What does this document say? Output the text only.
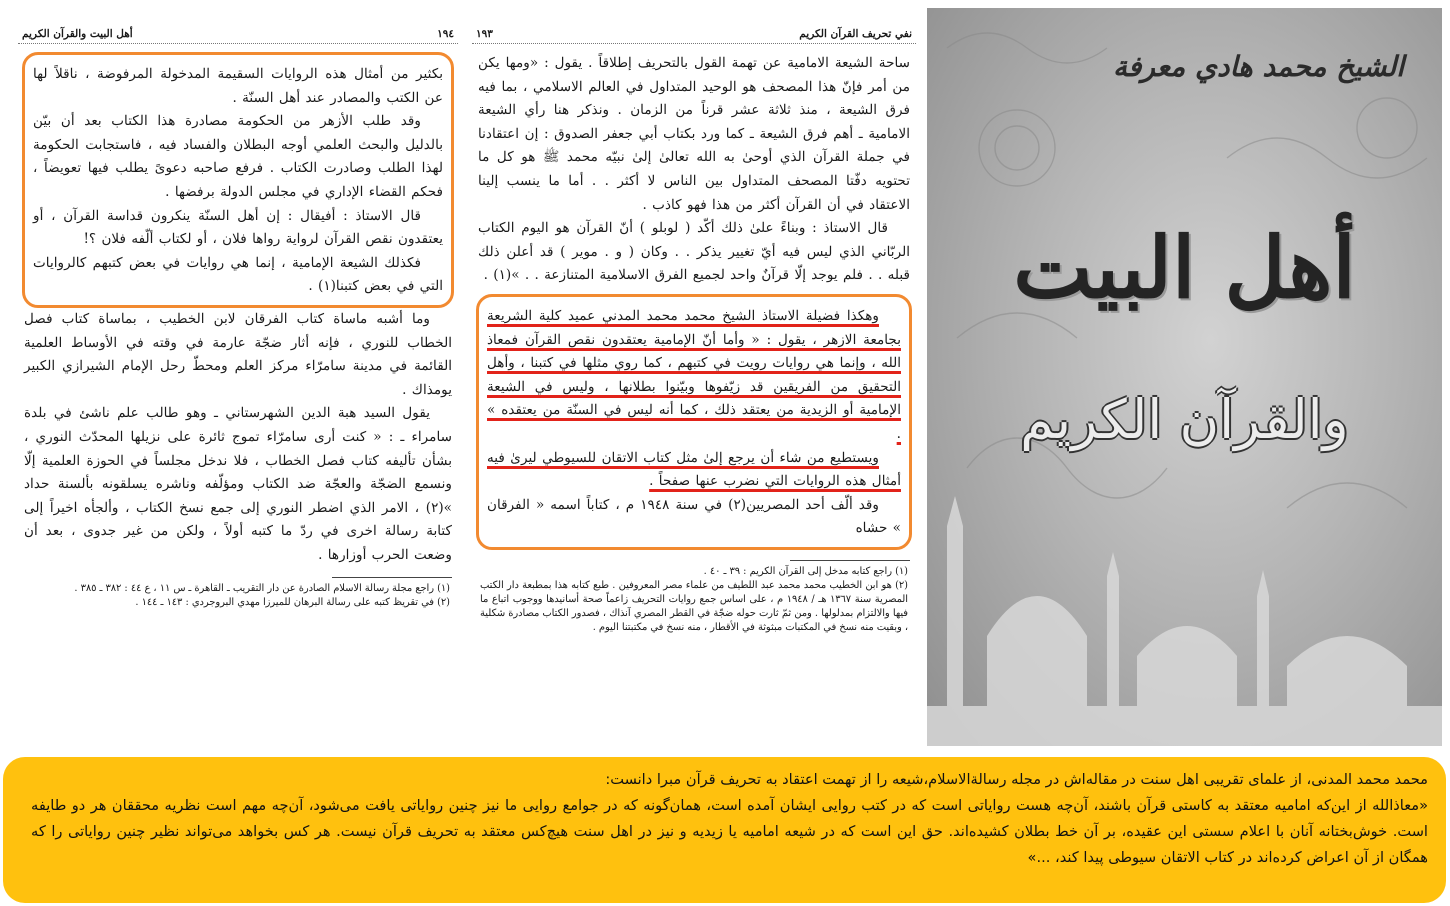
١٩٤
أهل البيت والقرآن الكريم

بكثير من أمثال هذه الروايات السقيمة المدخولة المرفوضة ، ناقلاً لها عن الكتب والمصادر عند أهل السنّة .

وقد طلب الأزهر من الحكومة مصادرة هذا الكتاب بعد أن بيّن بالدليل والبحث العلمي أوجه البطلان والفساد فيه ، فاستجابت الحكومة لهذا الطلب وصادرت الكتاب . فرفع صاحبه دعوىً يطلب فيها تعويضاً ، فحكم القضاء الإداري في مجلس الدولة برفضها .

قال الاستاذ : أفيقال : إن أهل السنّة ينكرون قداسة القرآن ، أو يعتقدون نقص القرآن لرواية رواها فلان ، أو لكتاب ألّفه فلان ؟!

فكذلك الشيعة الإمامية ، إنما هي روايات في بعض كتبهم كالروايات التي في بعض كتبنا(١) .

وما أشبه ماساة كتاب الفرقان لابن الخطيب ، بماساة كتاب فصل الخطاب للنوري ، فإنه أثار ضجّة عارمة في وقته في الأوساط العلمية القائمة في مدينة سامرّاء مركز العلم ومحطّ رحل الإمام الشيرازي الكبير يومذاك .

يقول السيد هبة الدين الشهرستاني ـ وهو طالب علم ناشئ في بلدة سامراء ـ : « كنت أرى سامرّاء تموج ثائرة على نزيلها المحدّث النوري ، بشأن تأليفه كتاب فصل الخطاب ، فلا ندخل مجلساً في الحوزة العلمية إلّا ونسمع الضجّة والعجّة ضد الكتاب ومؤلّفه وناشره يسلقونه بألسنة حداد »(٢) ، الامر الذي اضطر النوري إلى جمع نسخ الكتاب ، وألجأه اخيراً إلى كتابة رسالة اخرى في ردّ ما كتبه أولاً ، ولكن من غير جدوى ، بعد أن وضعت الحرب أوزارها .

(١) راجع مجلة رسالة الاسلام الصادرة عن دار التقريب ـ القاهرة ـ س ١١ ، ع ٤٤ : ٣٨٢ ـ ٣٨٥ .

(٢) في تقريظ كتبه على رسالة البرهان للميرزا مهدي البروجردي : ١٤٣ ـ ١٤٤ .

نفي تحريف القرآن الكريم
١٩٣

ساحة الشيعة الامامية عن تهمة القول بالتحريف إطلاقاً . يقول : «ومها يكن من أمر فإنّ هذا المصحف هو الوحيد المتداول في العالم الاسلامي ، بما فيه فرق الشيعة ، منذ ثلاثة عشر قرناً من الزمان . ونذكر هنا رأي الشيعة الامامية ـ أهم فرق الشيعة ـ كما ورد بكتاب أبي جعفر الصدوق : إن اعتقادنا في جملة القرآن الذي أوحىٰ به الله تعالىٰ إلىٰ نبيّه محمد ﷺ هو كل ما تحتويه دفّتا المصحف المتداول بين الناس لا أكثر . . أما ما ينسب إلينا الاعتقاد في أن القرآن أكثر من هذا فهو كاذب .

قال الاستاذ : وبناءً علىٰ ذلك أكّد ( لوبلو ) أنّ القرآن هو اليوم الكتاب الربّاني الذي ليس فيه أيّ تغيير يذكر . . وكان ( و . موير ) قد أعلن ذلك قبله . . فلم يوجد إلّا قرآنٌ واحد لجميع الفرق الاسلامية المتنازعة . . »(١) .

وهكذا فضيلة الاستاذ الشيخ محمد محمد المدني عميد كلية الشريعة بجامعة الازهر ، يقول : « وأما أنّ الإمامية يعتقدون نقص القرآن فمعاذ الله ، وإنما هي روايات رويت في كتبهم ، كما روي مثلها في كتبنا ، وأهل التحقيق من الفريقين قد زيّفوها وبيّنوا بطلانها ، وليس في الشيعة الإمامية أو الزيدية من يعتقد ذلك ، كما أنه ليس في السنّة من يعتقده » .

ويستطيع من شاء أن يرجع إلىٰ مثل كتاب الاتقان للسيوطي ليرىٰ فيه أمثال هذه الروايات التي نضرب عنها صفحاً .

وقد ألّف أحد المصريين(٢) في سنة ١٩٤٨ م ، كتاباً اسمه « الفرقان » حشاه

(١) راجع كتابه مدخل إلى القرآن الكريم : ٣٩ ـ ٤٠ .

(٢) هو ابن الخطيب محمد محمد عبد اللطيف من علماء مصر المعروفين . طبع كتابه هذا بمطبعة دار الكتب المصرية سنة ١٣٦٧ هـ / ١٩٤٨ م ، على اساس جمع روايات التحريف زاعماً صحة أسانيدها ووجوب اتباع ما فيها والالتزام بمدلولها . ومن ثمّ ثارت حوله ضجّة في القطر المصري آنذاك ، فصدور الكتاب مصادرة شكلية ، وبقيت منه نسخ في المكتبات مبثوثة في الأقطار ، منه نسخ في مكتبتنا اليوم .

الشيخ محمد هادي معرفة
أهل البيت
والقرآن الكريم

محمد محمد المدنی، از علمای تقریبی اهل سنت در مقاله‌اش در مجله رسالةالاسلام،شیعه را از تهمت اعتقاد به تحریف قرآن مبرا دانست:

«معاذالله از این‌که امامیه معتقد به کاستی قرآن باشند، آن‌چه هست روایاتی است که در کتب روایی ایشان آمده است، همان‌گونه که در جوامع روایی ما نیز چنین روایاتی یافت می‌شود، آن‌چه مهم است نظریه محققان هر دو طایفه است. خوش‌بختانه آنان با اعلام سستی این عقیده، بر آن خط بطلان کشیده‌اند. حق این است که در شیعه امامیه یا زیدیه و نیز در اهل سنت هیچ‌کس معتقد به تحریف قرآن نیست. هر کس بخواهد می‌تواند نظیر چنین روایاتی را که همگان از آن اعراض کرده‌اند در کتاب الاتقان سیوطی پیدا کند، ...»
